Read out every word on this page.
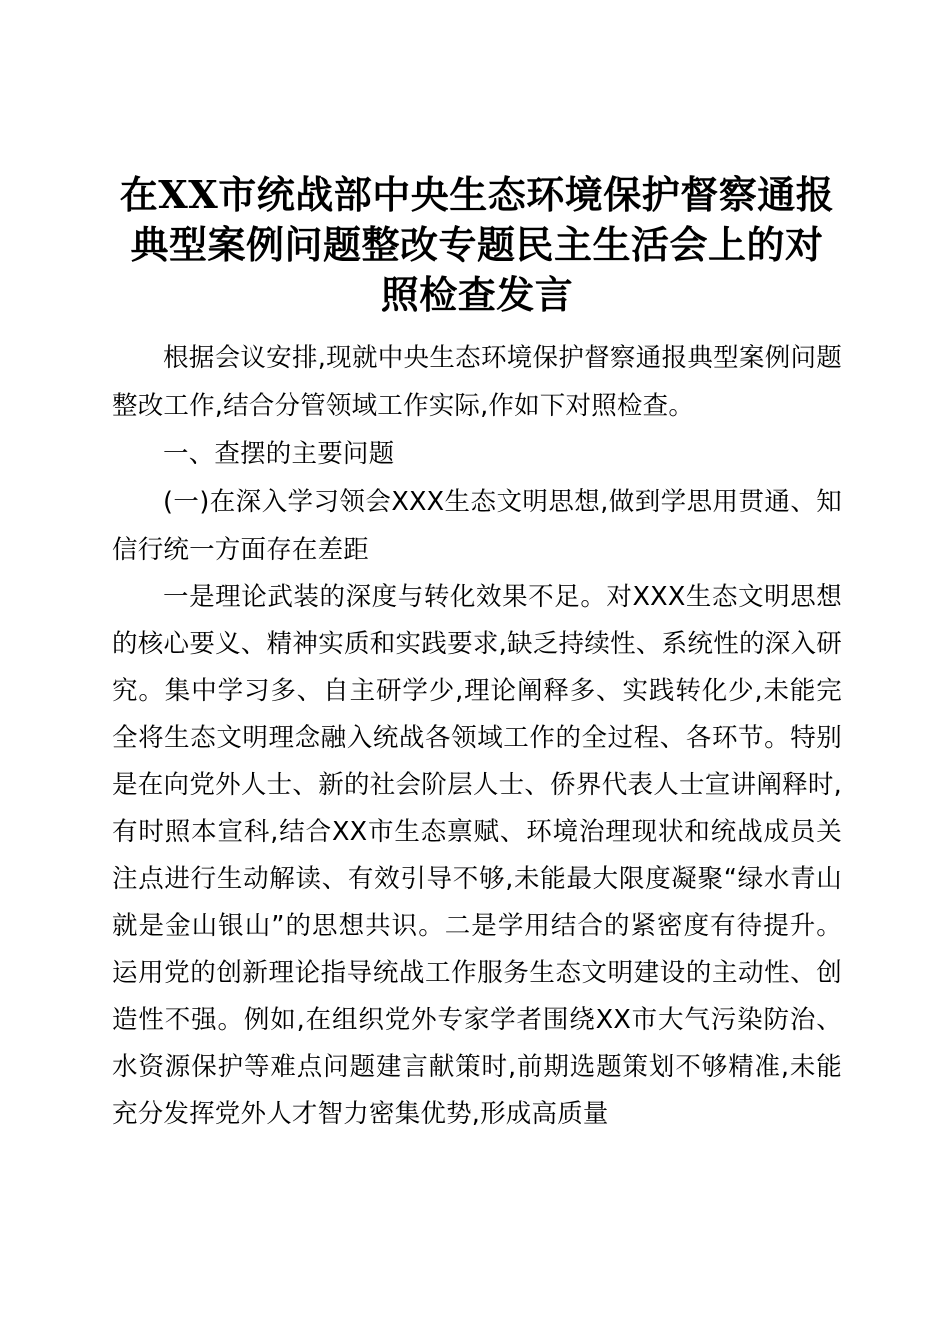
在XX市统战部中央生态环境保护督察通报典型案例问题整改专题民主生活会上的对照检查发言

根据会议安排,现就中央生态环境保护督察通报典型案例问题整改工作,结合分管领域工作实际,作如下对照检查。

一、查摆的主要问题

(一)在深入学习领会XXX生态文明思想,做到学思用贯通、知信行统一方面存在差距

一是理论武装的深度与转化效果不足。对XXX生态文明思想的核心要义、精神实质和实践要求,缺乏持续性、系统性的深入研究。集中学习多、自主研学少,理论阐释多、实践转化少,未能完全将生态文明理念融入统战各领域工作的全过程、各环节。特别是在向党外人士、新的社会阶层人士、侨界代表人士宣讲阐释时,有时照本宣科,结合XX市生态禀赋、环境治理现状和统战成员关注点进行生动解读、有效引导不够,未能最大限度凝聚“绿水青山就是金山银山”的思想共识。二是学用结合的紧密度有待提升。运用党的创新理论指导统战工作服务生态文明建设的主动性、创造性不强。例如,在组织党外专家学者围绕XX市大气污染防治、水资源保护等难点问题建言献策时,前期选题策划不够精准,未能充分发挥党外人才智力密集优势,形成高质量
